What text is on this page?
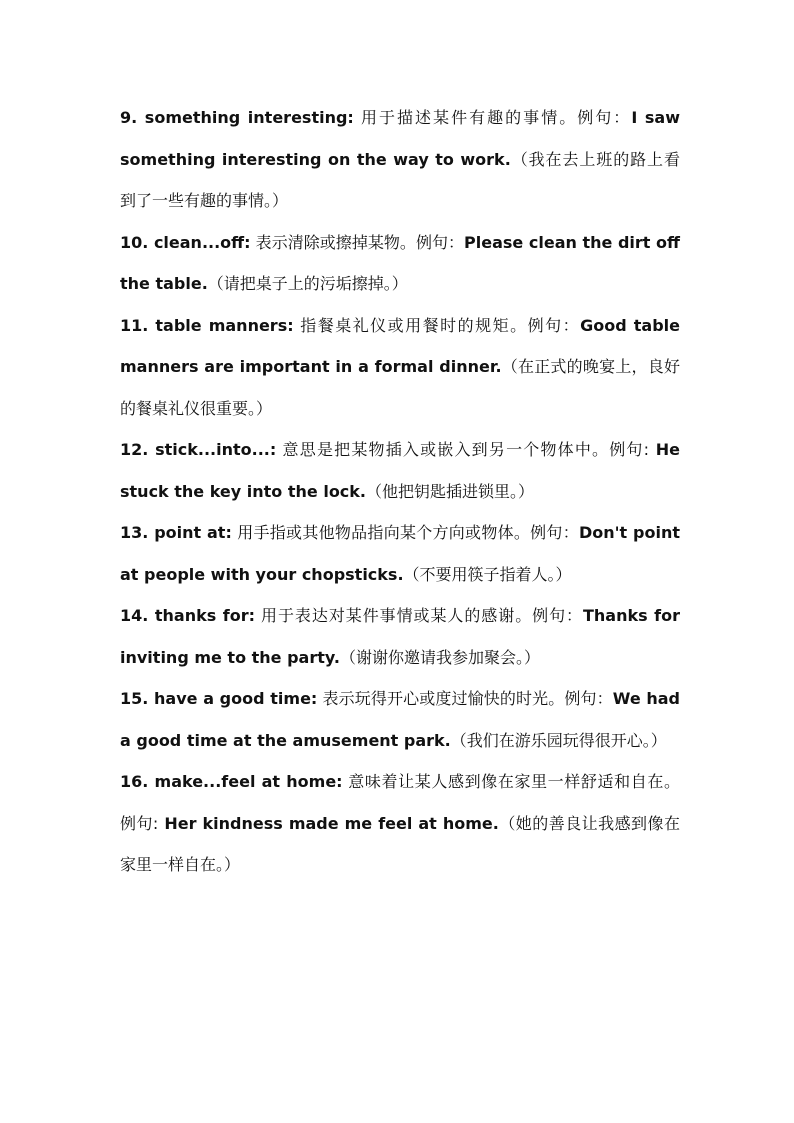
9. something interesting: 用于描述某件有趣的事情。例句：I saw something interesting on the way to work.（我在去上班的路上看到了一些有趣的事情。）

10. clean...off: 表示清除或擦掉某物。例句：Please clean the dirt off the table.（请把桌子上的污垢擦掉。）

11. table manners: 指餐桌礼仪或用餐时的规矩。例句：Good table manners are important in a formal dinner.（在正式的晚宴上，良好的餐桌礼仪很重要。）

12. stick...into...: 意思是把某物插入或嵌入到另一个物体中。例句: He stuck the key into the lock.（他把钥匙插进锁里。）

13. point at: 用手指或其他物品指向某个方向或物体。例句：Don't point at people with your chopsticks.（不要用筷子指着人。）

14. thanks for: 用于表达对某件事情或某人的感谢。例句：Thanks for inviting me to the party.（谢谢你邀请我参加聚会。）

15. have a good time: 表示玩得开心或度过愉快的时光。例句：We had a good time at the amusement park.（我们在游乐园玩得很开心。）

16. make...feel at home: 意味着让某人感到像在家里一样舒适和自在。例句: Her kindness made me feel at home.（她的善良让我感到像在家里一样自在。）
